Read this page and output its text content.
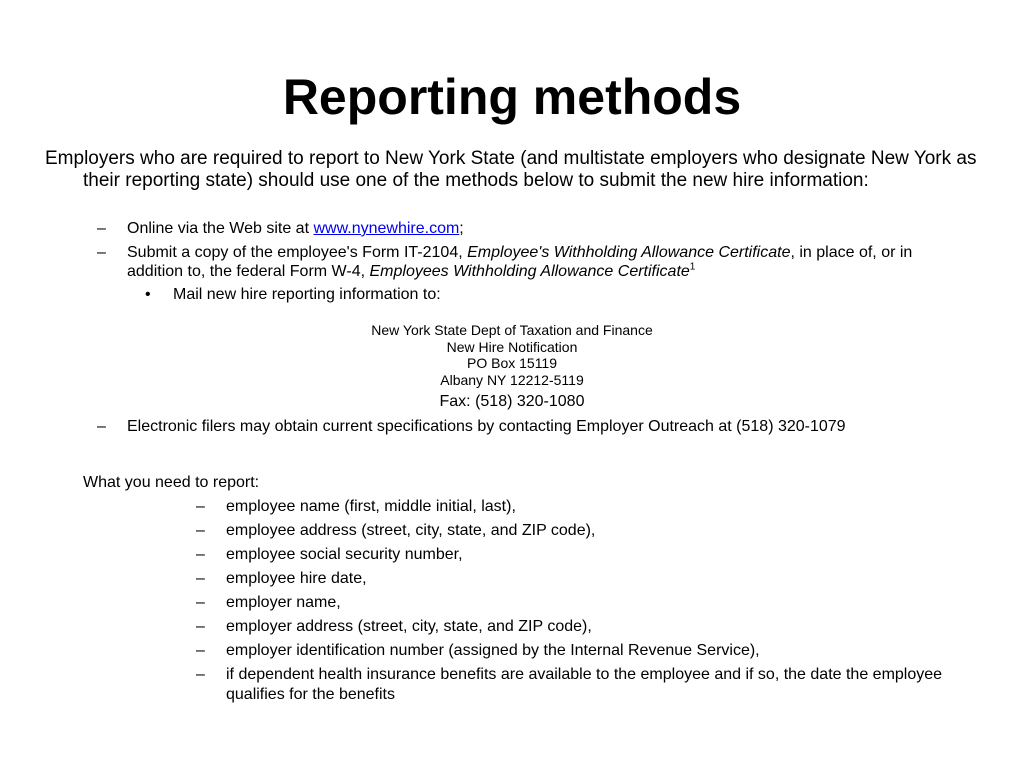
Reporting methods
Employers who are required to report to New York State (and multistate employers who designate New York as their reporting state) should use one of the methods below to submit the new hire information:
– Online via the Web site at www.nynewhire.com;
– Submit a copy of the employee's Form IT-2104, Employee's Withholding Allowance Certificate, in place of, or in addition to, the federal Form W-4, Employees Withholding Allowance Certificate$^1$
• Mail new hire reporting information to:
New York State Dept of Taxation and Finance
New Hire Notification
PO Box 15119
Albany NY 12212-5119
Fax: (518) 320-1080
– Electronic filers may obtain current specifications by contacting Employer Outreach at (518) 320-1079
What you need to report:
– employee name (first, middle initial, last),
– employee address (street, city, state, and ZIP code),
– employee social security number,
– employee hire date,
– employer name,
– employer address (street, city, state, and ZIP code),
– employer identification number (assigned by the Internal Revenue Service),
– if dependent health insurance benefits are available to the employee and if so, the date the employee qualifies for the benefits
